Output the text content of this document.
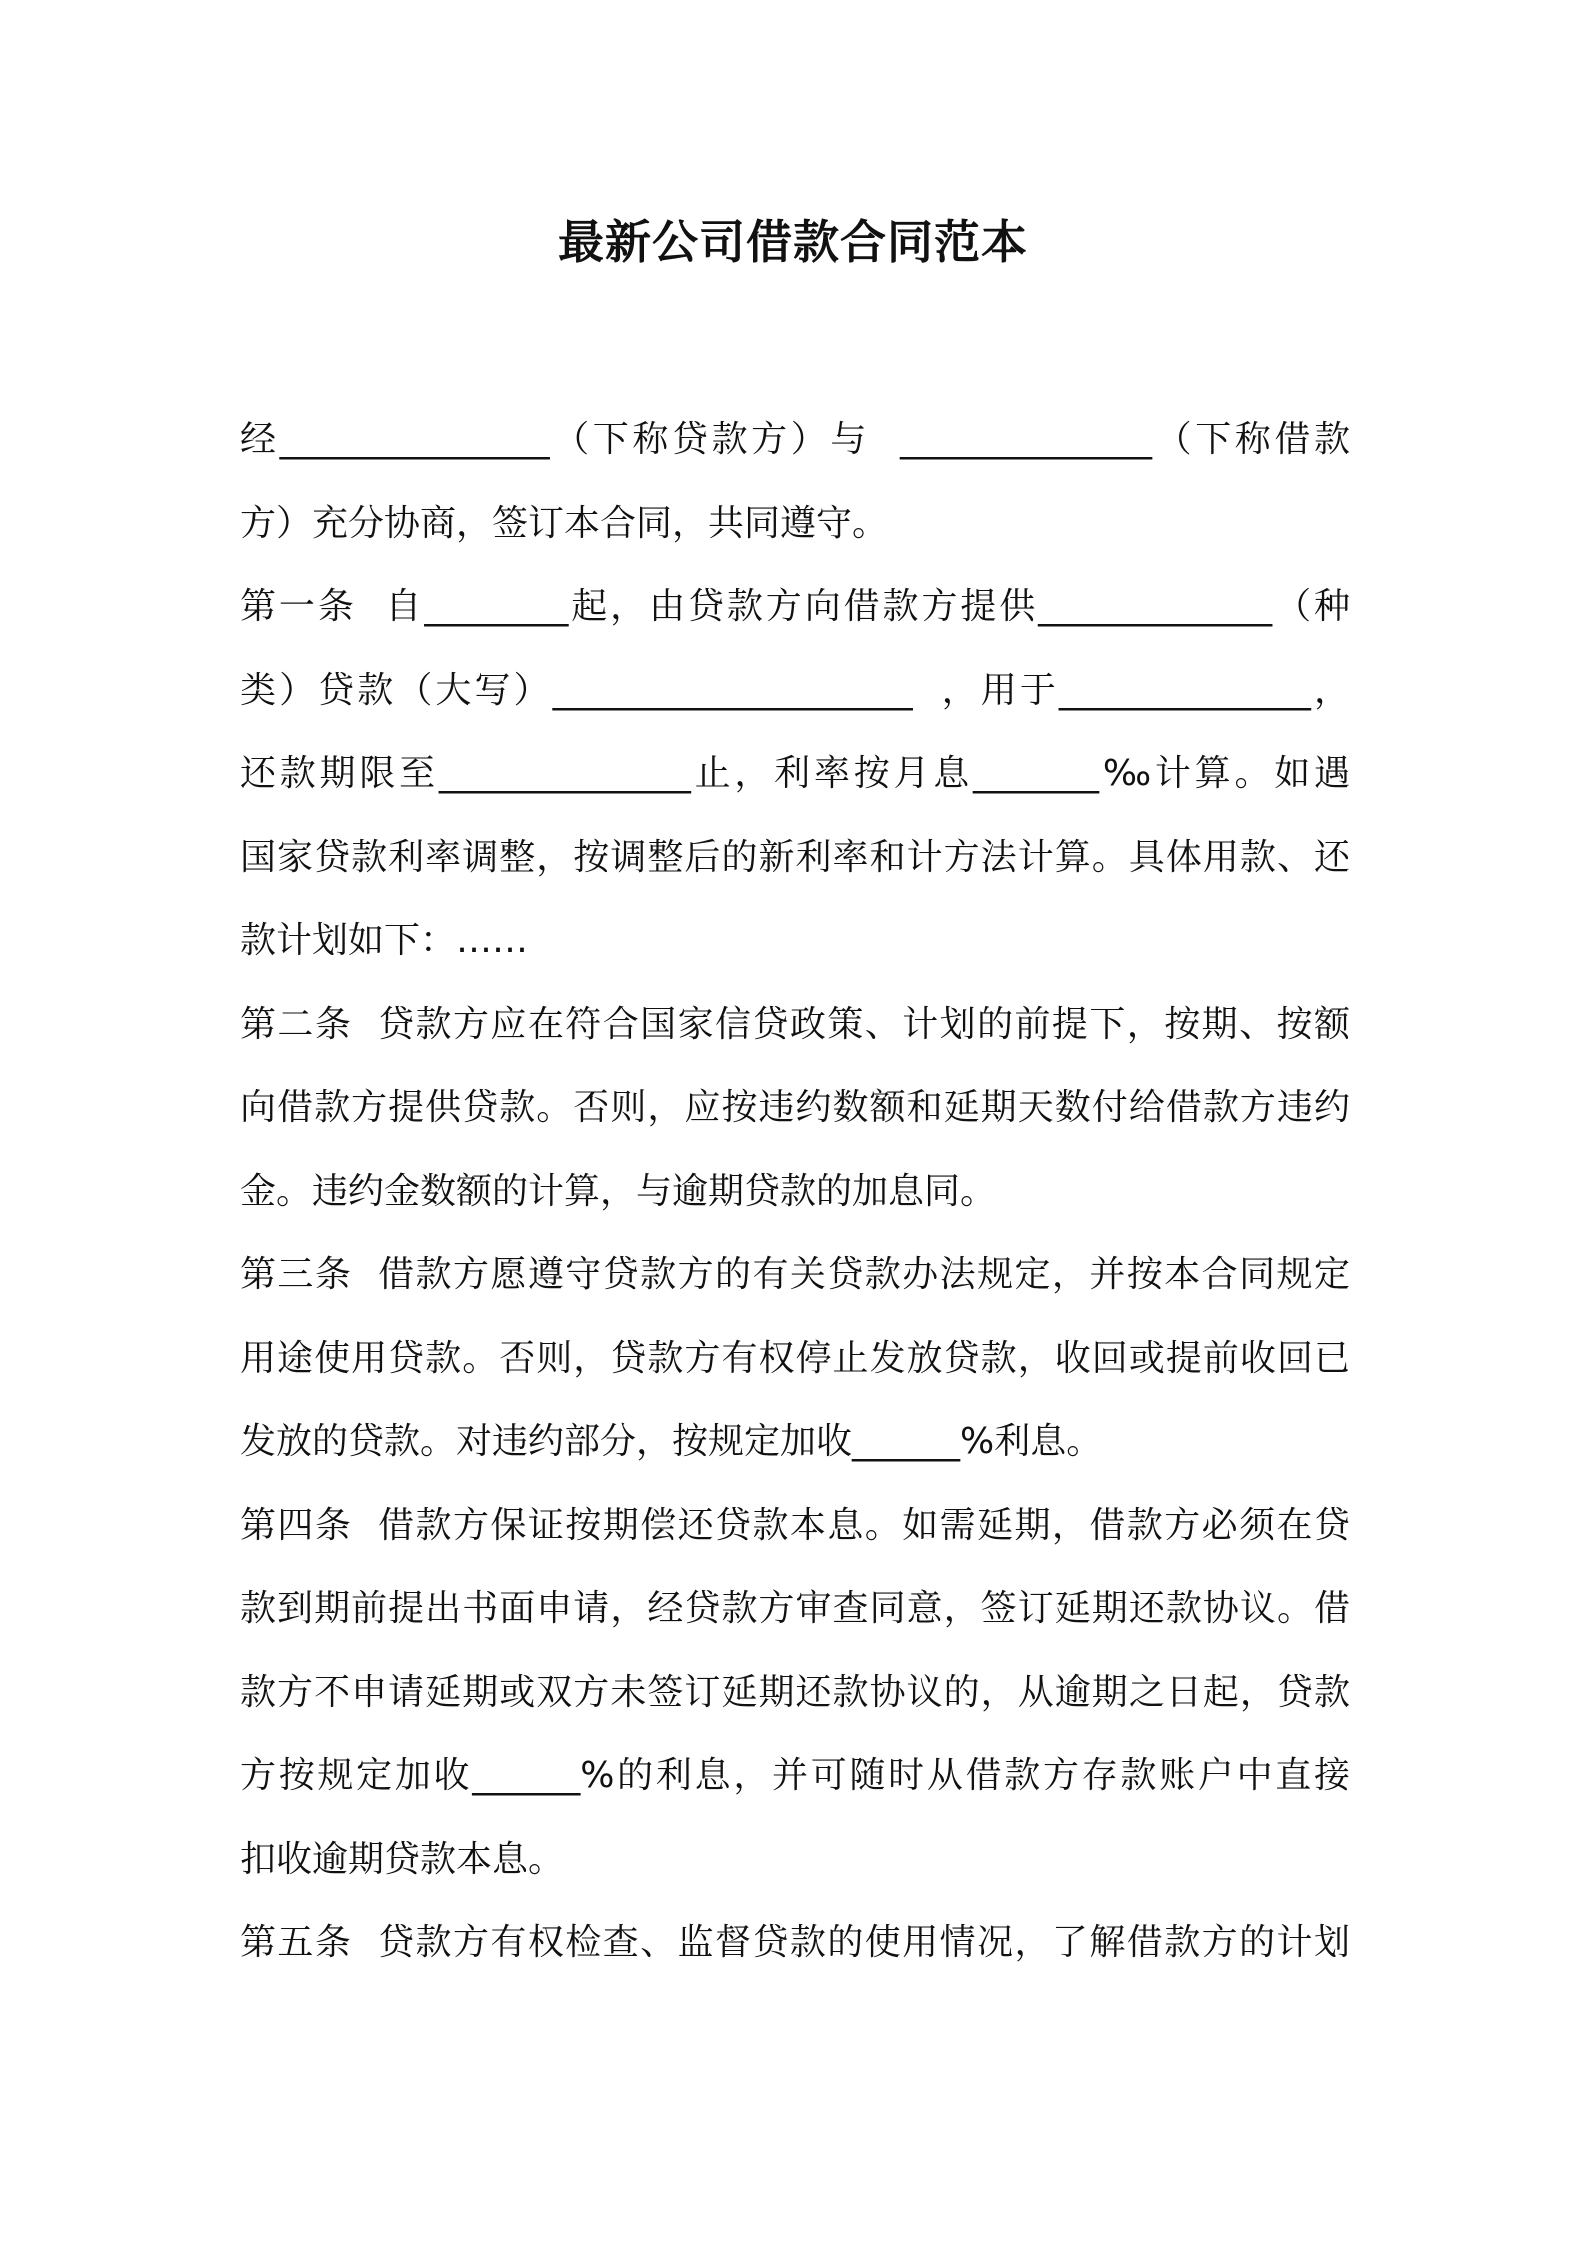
最新公司借款合同范本
经_______________（下称贷款方）与  ______________（下称借款
方）充分协商，签订本合同，共同遵守。
第一条  自________起，由贷款方向借款方提供_____________（种
类）贷款（大写）____________________  ，用于______________，
还款期限至______________止，利率按月息_______‰计算。如遇
国家贷款利率调整，按调整后的新利率和计方法计算。具体用款、还
款计划如下：……
第二条  贷款方应在符合国家信贷政策、计划的前提下，按期、按额
向借款方提供贷款。否则，应按违约数额和延期天数付给借款方违约
金。违约金数额的计算，与逾期贷款的加息同。
第三条  借款方愿遵守贷款方的有关贷款办法规定，并按本合同规定
用途使用贷款。否则，贷款方有权停止发放贷款，收回或提前收回已
发放的贷款。对违约部分，按规定加收______%利息。
第四条  借款方保证按期偿还贷款本息。如需延期，借款方必须在贷
款到期前提出书面申请，经贷款方审查同意，签订延期还款协议。借
款方不申请延期或双方未签订延期还款协议的，从逾期之日起，贷款
方按规定加收______%的利息，并可随时从借款方存款账户中直接
扣收逾期贷款本息。
第五条  贷款方有权检查、监督贷款的使用情况，了解借款方的计划
